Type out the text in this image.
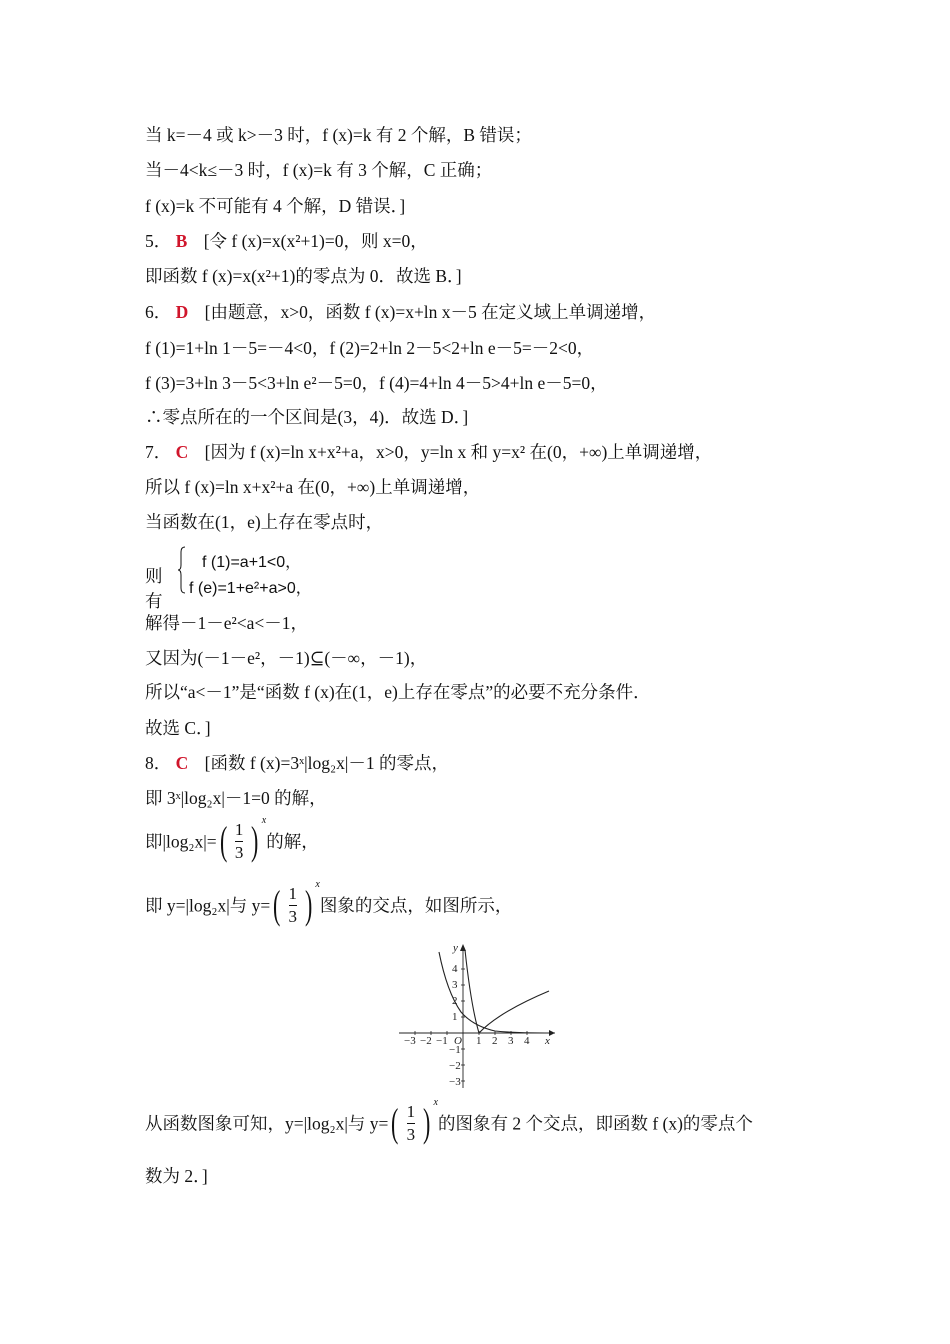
当 k=－4 或 k>－3 时，f (x)=k 有 2 个解，B 错误；
当－4<k≤－3 时，f (x)=k 有 3 个解，C 正确；
f (x)=k 不可能有 4 个解，D 错误．]
5． B [令 f (x)=x(x²+1)=0，则 x=0，
即函数 f (x)=x(x²+1)的零点为 0．故选 B．]
6． D [由题意，x>0，函数 f (x)=x+ln x－5 在定义域上单调递增，
f (1)=1+ln 1－5=－4<0，f (2)=2+ln 2－5<2+ln e－5=－2<0，
f (3)=3+ln 3－5<3+ln e²－5=0，f (4)=4+ln 4－5>4+ln e－5=0，
∴零点所在的一个区间是(3，4)．故选 D．]
7． C [因为 f (x)=ln x+x²+a，x>0，y=ln x 和 y=x² 在(0，+∞)上单调递增，
所以 f (x)=ln x+x²+a 在(0，+∞)上单调递增，
当函数在(1，e)上存在零点时，
则有
f (1)=a+1<0，
f (e)=1+e²+a>0，
解得－1－e²<a<－1，
又因为(－1－e²，－1)⊆(－∞，－1)，
所以“a<－1”是“函数 f (x)在(1，e)上存在零点”的必要不充分条件．
故选 C．]
8． C [函数 f (x)=3ˣ|log₂x|－1 的零点，
即 3ˣ|log₂x|－1=0 的解，
即$|\log_2x|=( \frac{1}{3}$ ) $^x$的解，
即 y=|log₂x|与 $y=( \frac{1}{3}$ ) $^x$图象的交点，如图所示，
y
x
O
−3 −2 −1	1 2 3 4
4
3
2
1
−1
−2
−3
从函数图象可知，y=|log₂x|与 $y=( \frac{1}{3}$ ) $^x$的图象有 2 个交点，即函数 f (x)的零点个
数为 2．]
